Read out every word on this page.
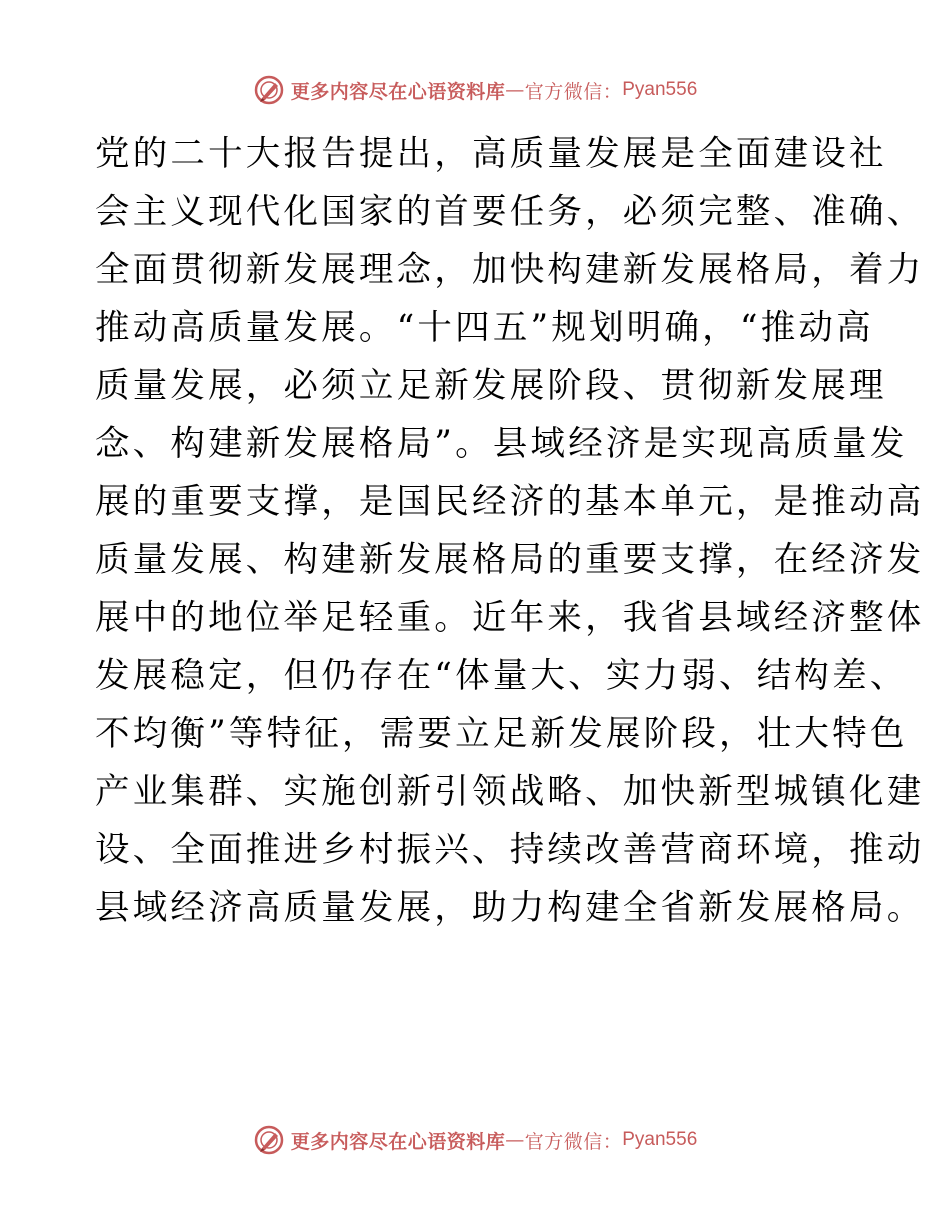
更多内容尽在心语资料库 — 官方微信： Pyan556

党的二十大报告提出，高质量发展是全面建设社
会主义现代化国家的首要任务，必须完整、准确、
全面贯彻新发展理念，加快构建新发展格局，着力
推动高质量发展。“十四五”规划明确，“推动高
质量发展，必须立足新发展阶段、贯彻新发展理
念、构建新发展格局”。县域经济是实现高质量发
展的重要支撑，是国民经济的基本单元，是推动高
质量发展、构建新发展格局的重要支撑，在经济发
展中的地位举足轻重。近年来，我省县域经济整体
发展稳定，但仍存在“体量大、实力弱、结构差、
不均衡”等特征，需要立足新发展阶段，壮大特色
产业集群、实施创新引领战略、加快新型城镇化建
设、全面推进乡村振兴、持续改善营商环境，推动
县域经济高质量发展，助力构建全省新发展格局。

更多内容尽在心语资料库 — 官方微信： Pyan556
